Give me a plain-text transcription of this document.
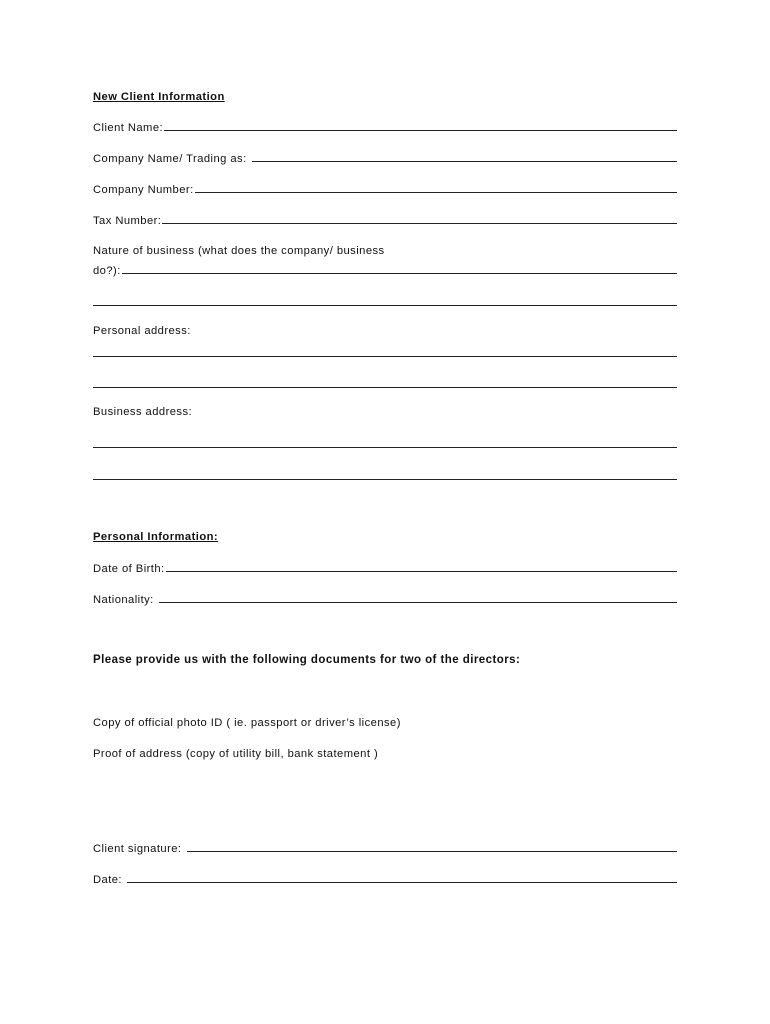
New Client Information
Client Name:
Company Name/ Trading as:
Company Number:
Tax Number:
Nature of business (what does the company/ business
do?):
Personal address:
Business address:
Personal Information:
Date of Birth:
Nationality:
Please provide us with the following documents for two of the directors:
Copy of official photo ID ( ie. passport or driver’s license)
Proof of address (copy of utility bill, bank statement )
Client signature:
Date:
